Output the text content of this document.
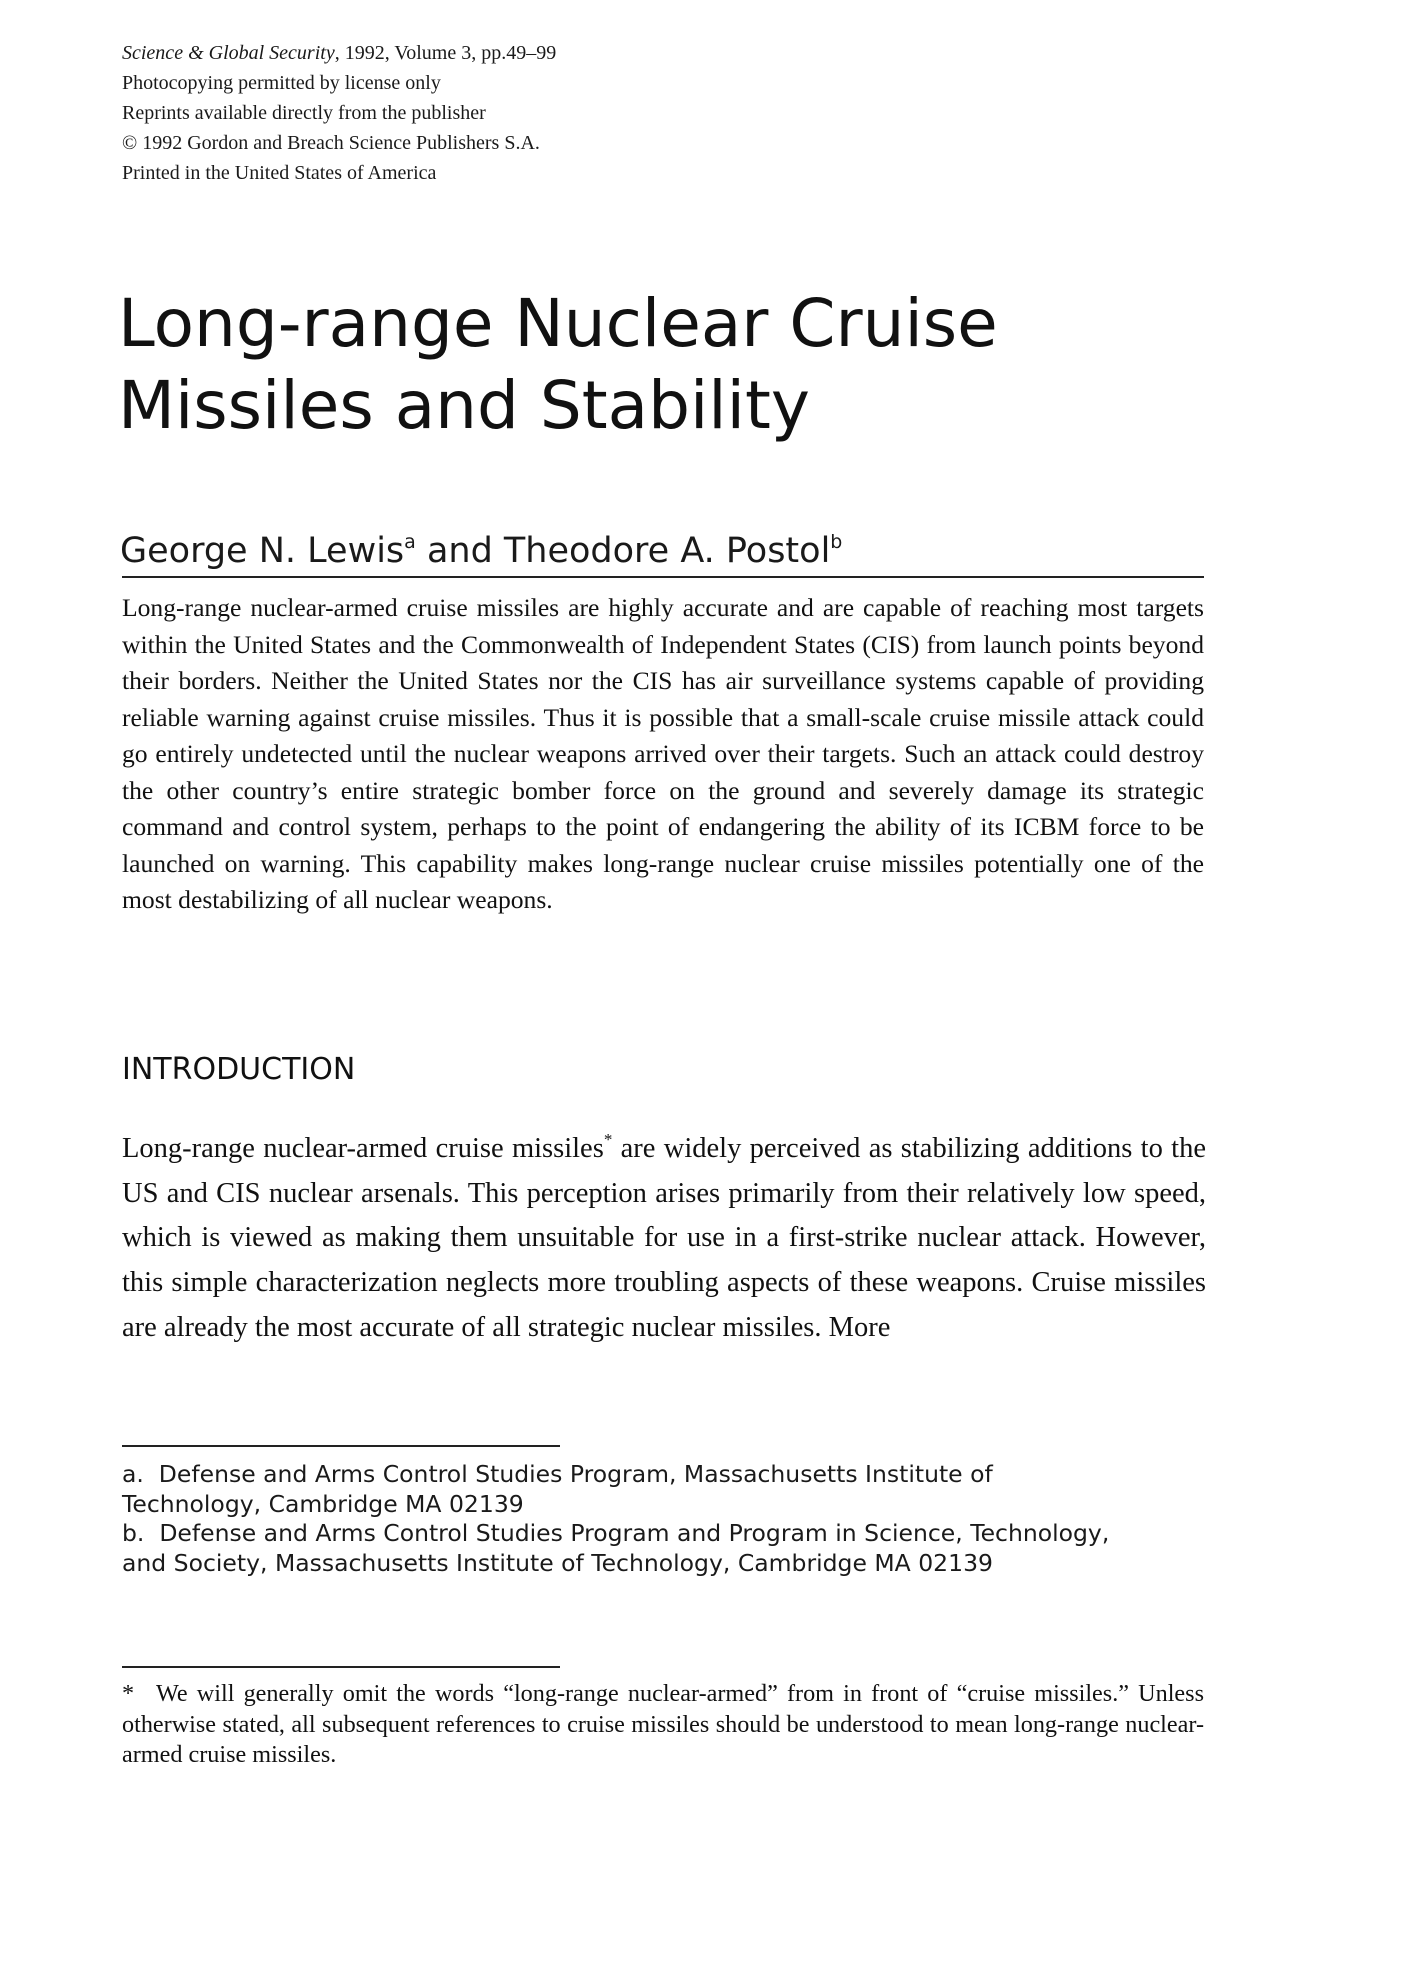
Science & Global Security, 1992, Volume 3, pp.49–99
Photocopying permitted by license only
Reprints available directly from the publisher
© 1992 Gordon and Breach Science Publishers S.A.
Printed in the United States of America
Long-range Nuclear Cruise
Missiles and Stability
George N. Lewis$^a$ and Theodore A. Postol$^b$

Long-range nuclear-armed cruise missiles are highly accurate and are capable of reaching most targets within the United States and the Commonwealth of Independent States (CIS) from launch points beyond their borders. Neither the United States nor the CIS has air surveillance systems capable of providing reliable warning against cruise missiles. Thus it is possible that a small-scale cruise missile attack could go entirely undetected until the nuclear weapons arrived over their targets. Such an attack could destroy the other country’s entire strategic bomber force on the ground and severely damage its strategic command and control system, perhaps to the point of endangering the ability of its ICBM force to be launched on warning. This capability makes long-range nuclear cruise missiles potentially one of the most destabilizing of all nuclear weapons.

INTRODUCTION

Long-range nuclear-armed cruise missiles* are widely perceived as stabilizing additions to the US and CIS nuclear arsenals. This perception arises primarily from their relatively low speed, which is viewed as making them unsuitable for use in a first-strike nuclear attack. However, this simple characterization neglects more troubling aspects of these weapons. Cruise missiles are already the most accurate of all strategic nuclear missiles. More

a.  Defense and Arms Control Studies Program, Massachusetts Institute of Technology, Cambridge MA 02139
b.  Defense and Arms Control Studies Program and Program in Science, Technology, and Society, Massachusetts Institute of Technology, Cambridge MA 02139

* We will generally omit the words “long-range nuclear-armed” from in front of “cruise missiles.” Unless otherwise stated, all subsequent references to cruise missiles should be understood to mean long-range nuclear-armed cruise missiles.
